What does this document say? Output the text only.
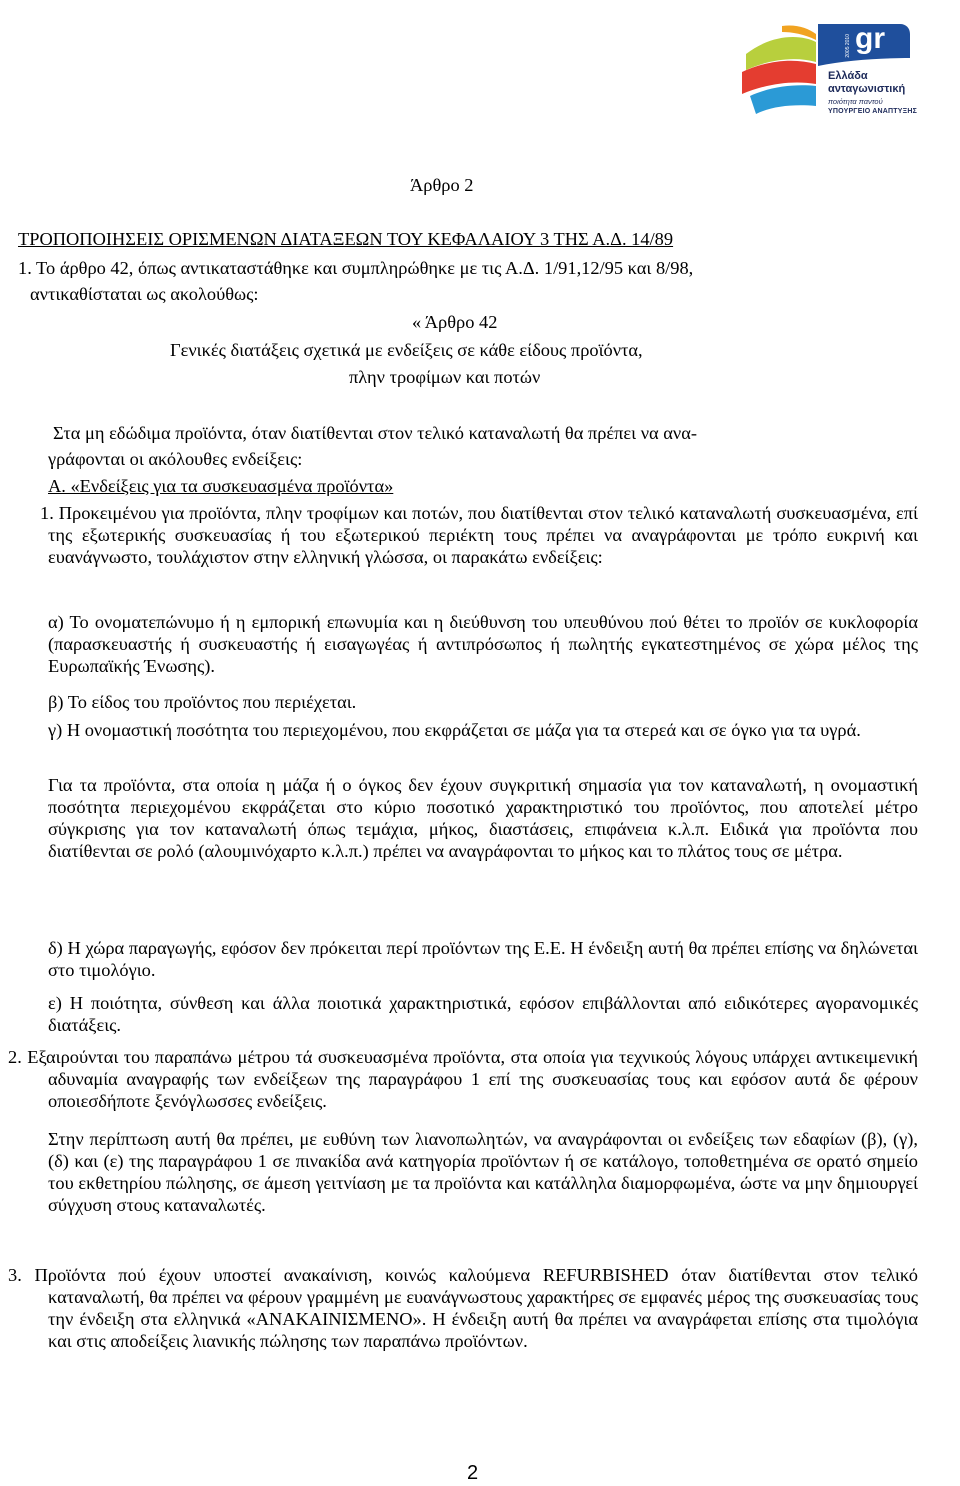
gr
2005 2010
Ελλάδα
ανταγωνιστική
ποιότητα παντού
ΥΠΟΥΡΓΕΙΟ ΑΝΑΠΤΥΞΗΣ
Άρθρο 2
ΤΡΟΠΟΠΟΙΗΣΕΙΣ ΟΡΙΣΜΕΝΩΝ ΔΙΑΤΑΞΕΩΝ ΤΟΥ ΚΕΦΑΛΑΙΟΥ 3 ΤΗΣ Α.Δ. 14/89
1. Το άρθρο 42, όπως αντικαταστάθηκε και συμπληρώθηκε με τις Α.Δ. 1/91,12/95 και 8/98,
αντικαθίσταται ως ακολούθως:
« Άρθρο 42
Γενικές διατάξεις σχετικά με ενδείξεις σε κάθε είδους προϊόντα,
πλην τροφίμων και ποτών
Στα μη εδώδιμα προϊόντα, όταν διατίθενται στον τελικό καταναλωτή θα πρέπει να ανα-
γράφονται οι ακόλουθες ενδείξεις:
Α. «Ενδείξεις για τα συσκευασμένα προϊόντα»
1. Προκειμένου για προϊόντα, πλην τροφίμων και ποτών, που διατίθενται στον τελικό καταναλωτή συσκευασμένα, επί της εξωτερικής συσκευασίας ή του εξωτερικού περιέκτη τους πρέπει να αναγράφονται με τρόπο ευκρινή και ευανάγνωστο, τουλάχιστον στην ελληνική γλώσσα, οι παρακάτω ενδείξεις:
α) Το ονοματεπώνυμο ή η εμπορική επωνυμία και η διεύθυνση του υπευθύνου πού θέτει το προϊόν σε κυκλοφορία (παρασκευαστής ή συσκευαστής ή εισαγωγέας ή αντιπρόσωπος ή πωλητής εγκατεστημένος σε χώρα μέλος της Ευρωπαϊκής Ένωσης).
β) Το είδος του προϊόντος που περιέχεται.
γ) Η ονομαστική ποσότητα του περιεχομένου, που εκφράζεται σε μάζα για τα στερεά και σε όγκο για τα υγρά.
Για τα προϊόντα, στα οποία η μάζα ή ο όγκος δεν έχουν συγκριτική σημασία για τον καταναλωτή, η ονομαστική ποσότητα περιεχομένου εκφράζεται στο κύριο ποσοτικό χαρακτηριστικό του προϊόντος, που αποτελεί μέτρο σύγκρισης για τον καταναλωτή όπως τεμάχια, μήκος, διαστάσεις, επιφάνεια κ.λ.π. Ειδικά για προϊόντα που διατίθενται σε ρολό (αλουμινόχαρτο κ.λ.π.) πρέπει να αναγράφονται το μήκος και το πλάτος τους σε μέτρα.
δ) Η χώρα παραγωγής, εφόσον δεν πρόκειται περί προϊόντων της Ε.Ε. Η ένδειξη αυτή θα πρέπει επίσης να δηλώνεται στο τιμολόγιο.
ε) Η ποιότητα, σύνθεση και άλλα ποιοτικά χαρακτηριστικά, εφόσον επιβάλλονται από ειδικότερες αγορανομικές διατάξεις.
2. Εξαιρούνται του παραπάνω μέτρου τά συσκευασμένα προϊόντα, στα οποία για τεχνικούς λόγους υπάρχει αντικειμενική αδυναμία αναγραφής των ενδείξεων της παραγράφου 1 επί της συσκευασίας τους και εφόσον αυτά δε φέρουν οποιεσδήποτε ξενόγλωσσες ενδείξεις.
Στην περίπτωση αυτή θα πρέπει, με ευθύνη των λιανοπωλητών, να αναγράφονται οι ενδείξεις των εδαφίων (β), (γ), (δ) και (ε) της παραγράφου 1 σε πινακίδα ανά κατηγορία προϊόντων ή σε κατάλογο, τοποθετημένα σε ορατό σημείο του εκθετηρίου πώλησης, σε άμεση γειτνίαση με τα προϊόντα και κατάλληλα διαμορφωμένα, ώστε να μην δημιουργεί σύγχυση στους καταναλωτές.
3. Προϊόντα πού έχουν υποστεί ανακαίνιση, κοινώς καλούμενα REFURBISHED όταν διατίθενται στον τελικό καταναλωτή, θα πρέπει να φέρουν γραμμένη με ευανάγνωστους χαρακτήρες σε εμφανές μέρος της συσκευασίας τους την ένδειξη στα ελληνικά «ΑΝΑΚΑΙΝΙΣΜΕΝΟ». Η ένδειξη αυτή θα πρέπει να αναγράφεται επίσης στα τιμολόγια και στις αποδείξεις λιανικής πώλησης των παραπάνω προϊόντων.
2
